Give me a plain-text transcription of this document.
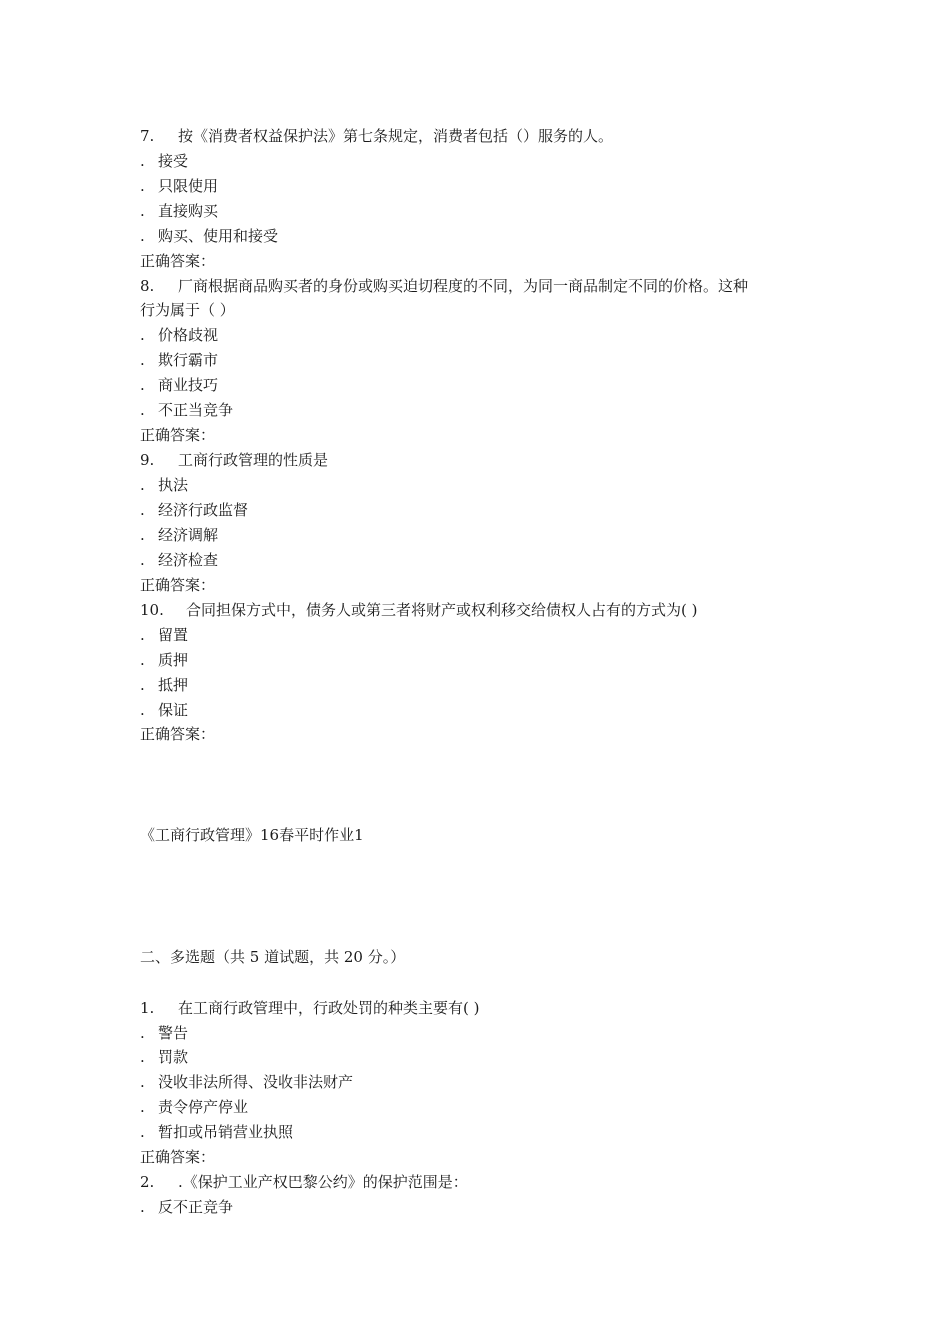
7. 按《消费者权益保护法》第七条规定，消费者包括（）服务的人。
. 接受
. 只限使用
. 直接购买
. 购买、使用和接受
正确答案：
8. 厂商根据商品购买者的身份或购买迫切程度的不同，为同一商品制定不同的价格。这种
行为属于（ ）
. 价格歧视
. 欺行霸市
. 商业技巧
. 不正当竞争
正确答案：
9. 工商行政管理的性质是
. 执法
. 经济行政监督
. 经济调解
. 经济检查
正确答案：
10. 合同担保方式中，债务人或第三者将财产或权利移交给债权人占有的方式为( )
. 留置
. 质押
. 抵押
. 保证
正确答案：
《工商行政管理》16春平时作业1
二、多选题（共 5 道试题，共 20 分。）
1. 在工商行政管理中，行政处罚的种类主要有( )
. 警告
. 罚款
. 没收非法所得、没收非法财产
. 责令停产停业
. 暂扣或吊销营业执照
正确答案：
2. .《保护工业产权巴黎公约》的保护范围是：
. 反不正竞争
